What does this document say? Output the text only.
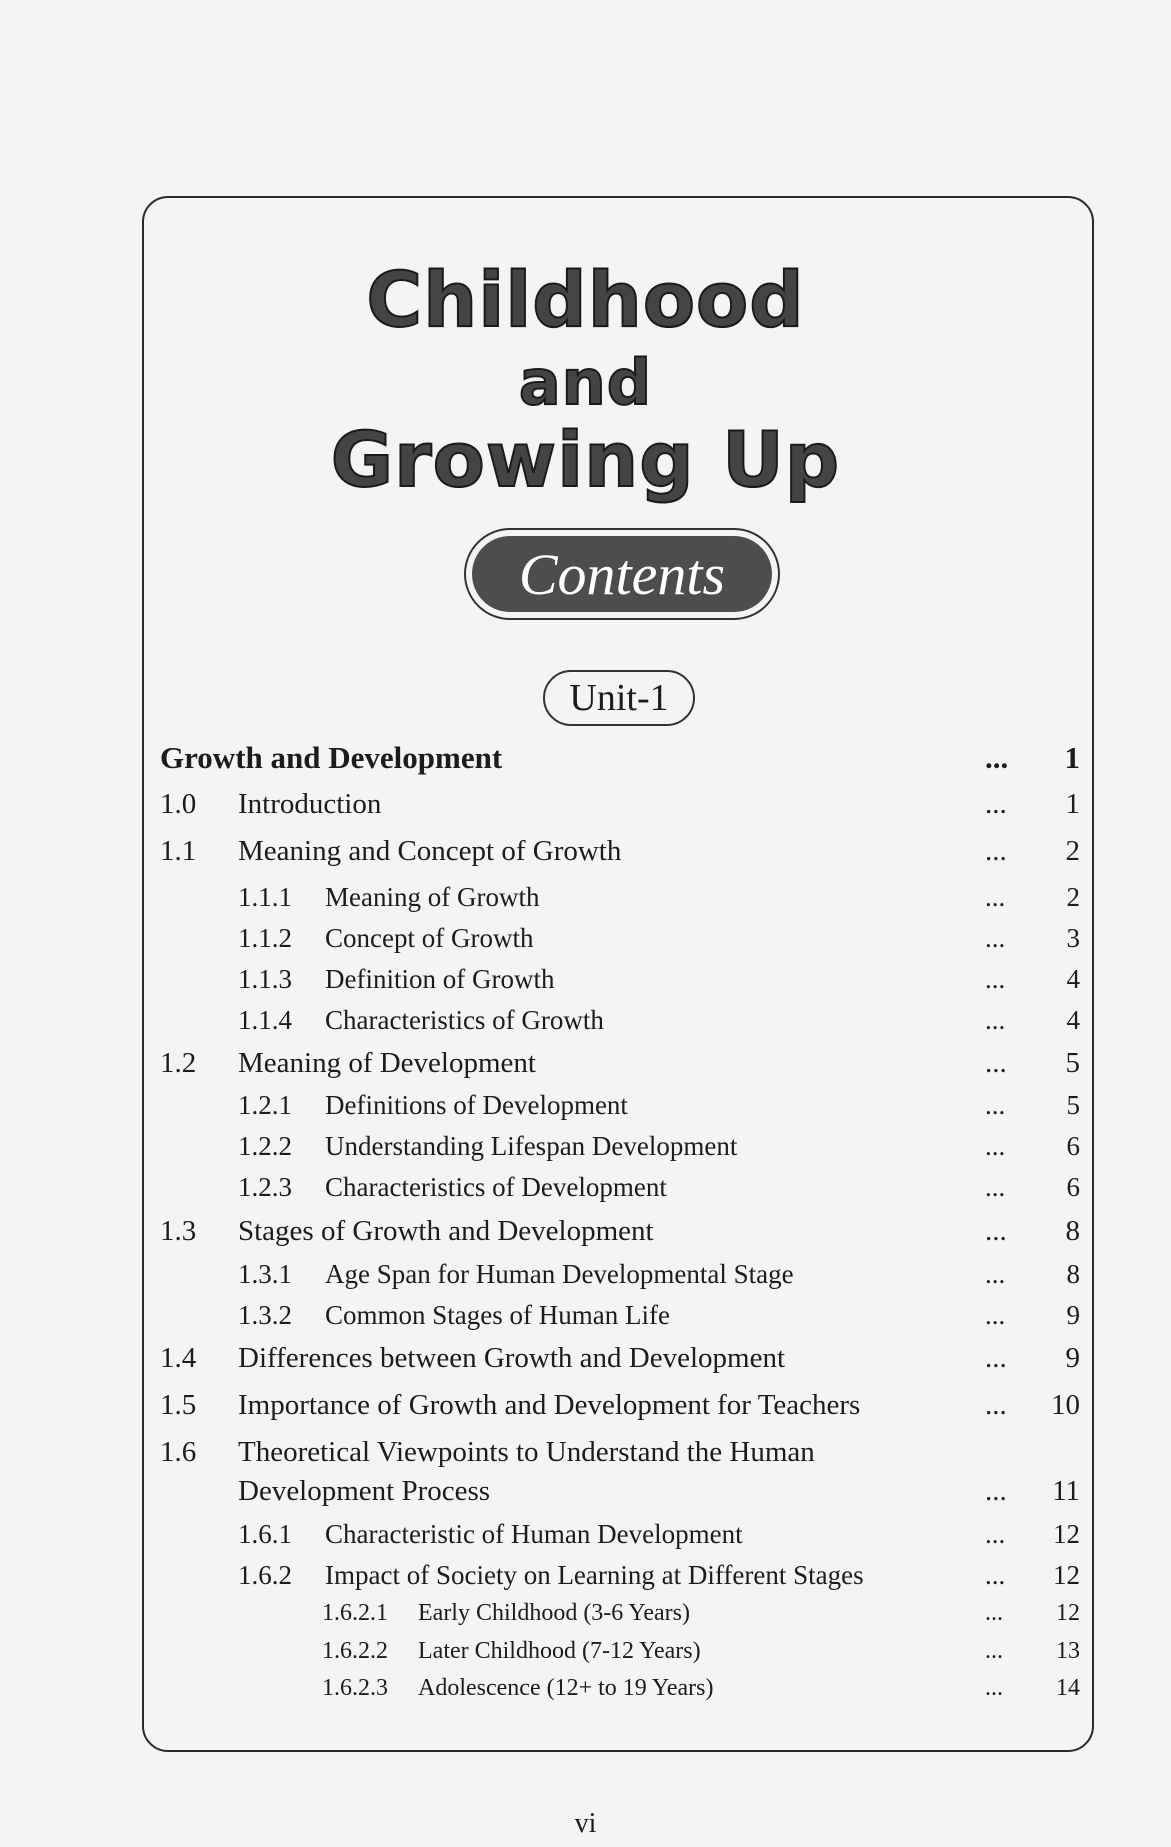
Childhood
and
Growing Up
Contents
Unit-1
Growth and Development	...	1
1.0 Introduction	...	1
1.1 Meaning and Concept of Growth	...	2
1.1.1 Meaning of Growth	...	2
1.1.2 Concept of Growth	...	3
1.1.3 Definition of Growth	...	4
1.1.4 Characteristics of Growth	...	4
1.2 Meaning of Development	...	5
1.2.1 Definitions of Development	...	5
1.2.2 Understanding Lifespan Development	...	6
1.2.3 Characteristics of Development	...	6
1.3 Stages of Growth and Development	...	8
1.3.1 Age Span for Human Developmental Stage	...	8
1.3.2 Common Stages of Human Life	...	9
1.4 Differences between Growth and Development	...	9
1.5 Importance of Growth and Development for Teachers	...	10
1.6 Theoretical Viewpoints to Understand the Human
Development Process	...	11
1.6.1 Characteristic of Human Development	...	12
1.6.2 Impact of Society on Learning at Different Stages	...	12
1.6.2.1 Early Childhood (3-6 Years)	...	12
1.6.2.2 Later Childhood (7-12 Years)	...	13
1.6.2.3 Adolescence (12+ to 19 Years)	...	14
vi
